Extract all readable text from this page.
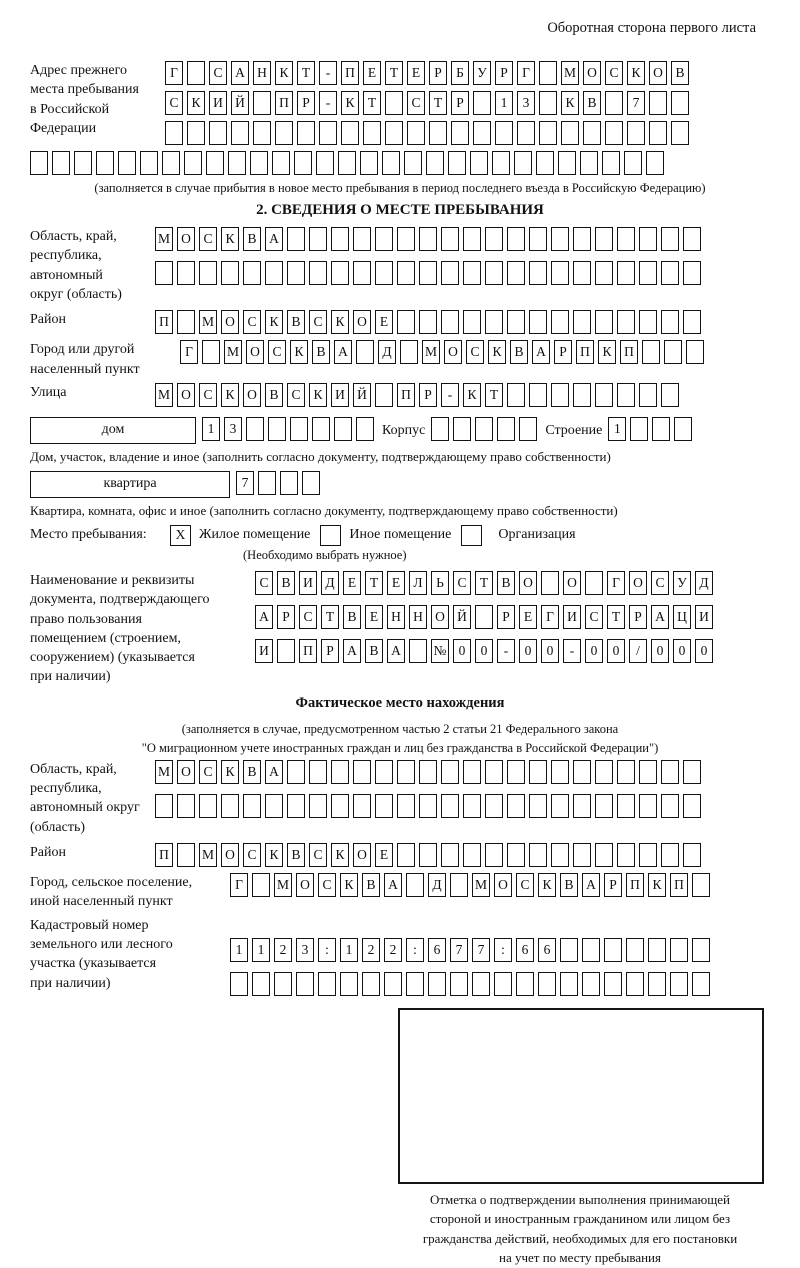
Оборотная сторона первого листа
Адрес прежнего
места пребывания
в Российской
Федерации
Г	С А Н К Т - П Е Т Е Р Б У Р Г	М О С К О В
С К И Й	П Р - К Т	С Т Р	1 3	К В	7
(заполняется в случае прибытия в новое место пребывания в период последнего въезда в Российскую Федерацию)
2. СВЕДЕНИЯ О МЕСТЕ ПРЕБЫВАНИЯ
Область, край,
республика,
автономный
округ (область)
М О С К В А
Район	П М О С К В С К О Е
Город или другой
населенный пункт
Г	М О С К В А	Д М О С К В А Р П К П
Улица	М О С К О В С К И Й	П Р - К Т
дом	1 3	Корпус	Строение 1
Дом, участок, владение и иное (заполнить согласно документу, подтверждающему право собственности)
квартира	7
Квартира, комната, офис и иное (заполнить согласно документу, подтверждающему право собственности)
Место пребывания:	X Жилое помещение	Иное помещение	Организация
(Необходимо выбрать нужное)
Наименование и реквизиты
документа, подтверждающего
право пользования
помещением (строением,
сооружением) (указывается
при наличии)
С В И Д Е Т Е Л Ь С Т В О	О	Г О С У Д
А Р С Т В Е Н Н О Й	Р Е Г И С Т Р А Ц И
И	П Р А В А № 0 0 - 0 0 - 0 0 / 0 0 0
Фактическое место нахождения
(заполняется в случае, предусмотренном частью 2 статьи 21 Федерального закона
"О миграционном учете иностранных граждан и лиц без гражданства в Российской Федерации")
Область, край,
республика,
автономный округ
(область)
М О С К В А
Район	П М О С К В С К О Е
Город, сельское поселение,
иной населенный пункт
Г	М О С К В А	Д М О С К В А Р П К П
Кадастровый номер
земельного или лесного
участка (указывается
при наличии)
1 1 2 3 : 1 2 2 : 6 7 7 : 6 6
Отметка о подтверждении выполнения принимающей
стороной и иностранным гражданином или лицом без
гражданства действий, необходимых для его постановки
на учет по месту пребывания
